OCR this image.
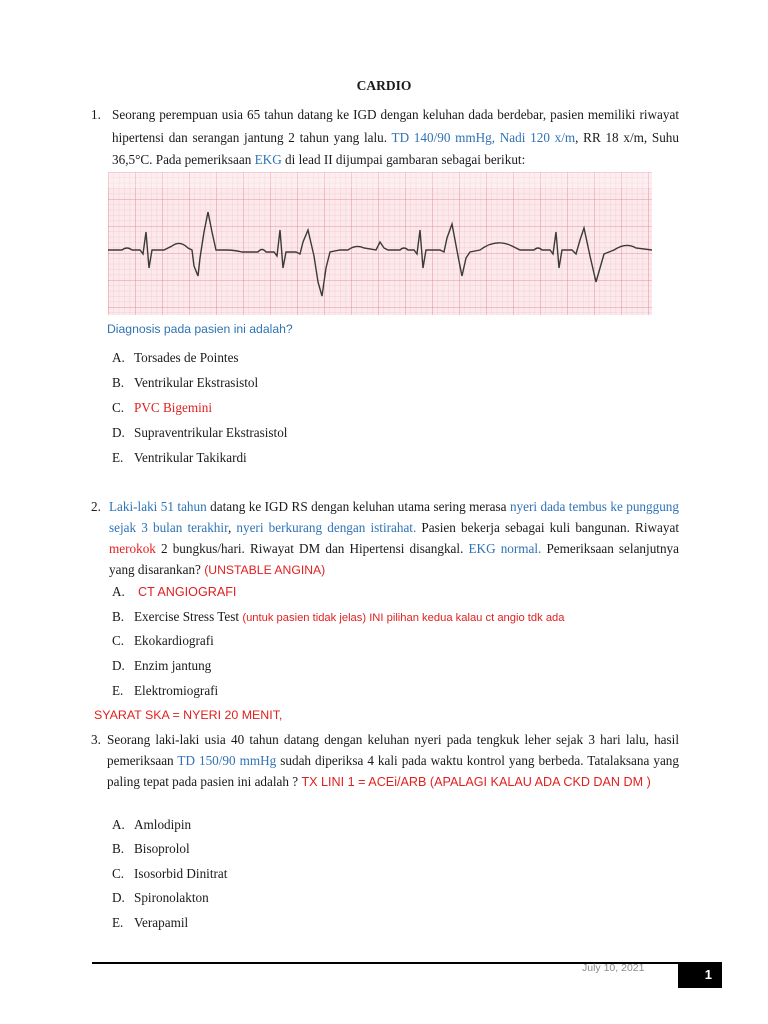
CARDIO
1. Seorang perempuan usia 65 tahun datang ke IGD dengan keluhan dada berdebar, pasien memiliki riwayat hipertensi dan serangan jantung 2 tahun yang lalu. TD 140/90 mmHg, Nadi 120 x/m, RR 18 x/m, Suhu 36,5°C. Pada pemeriksaan EKG di lead II dijumpai gambaran sebagai berikut:
Diagnosis pada pasien ini adalah?
A. Torsades de Pointes
B. Ventrikular Ekstrasistol
C. PVC Bigemini
D. Supraventrikular Ekstrasistol
E. Ventrikular Takikardi
2. Laki-laki 51 tahun datang ke IGD RS dengan keluhan utama sering merasa nyeri dada tembus ke punggung sejak 3 bulan terakhir, nyeri berkurang dengan istirahat. Pasien bekerja sebagai kuli bangunan. Riwayat merokok 2 bungkus/hari. Riwayat DM dan Hipertensi disangkal. EKG normal. Pemeriksaan selanjutnya yang disarankan? (UNSTABLE ANGINA)
A. CT ANGIOGRAFI
B. Exercise Stress Test (untuk pasien tidak jelas) INI pilihan kedua kalau ct angio tdk ada
C. Ekokardiografi
D. Enzim jantung
E. Elektromiografi
SYARAT SKA = NYERI 20 MENIT,
3. Seorang laki-laki usia 40 tahun datang dengan keluhan nyeri pada tengkuk leher sejak 3 hari lalu, hasil pemeriksaan TD 150/90 mmHg sudah diperiksa 4 kali pada waktu kontrol yang berbeda. Tatalaksana yang paling tepat pada pasien ini adalah ? TX LINI 1 = ACEi/ARB (APALAGI KALAU ADA CKD DAN DM )
A. Amlodipin
B. Bisoprolol
C. Isosorbid Dinitrat
D. Spironolakton
E. Verapamil
July 10, 2021	1
